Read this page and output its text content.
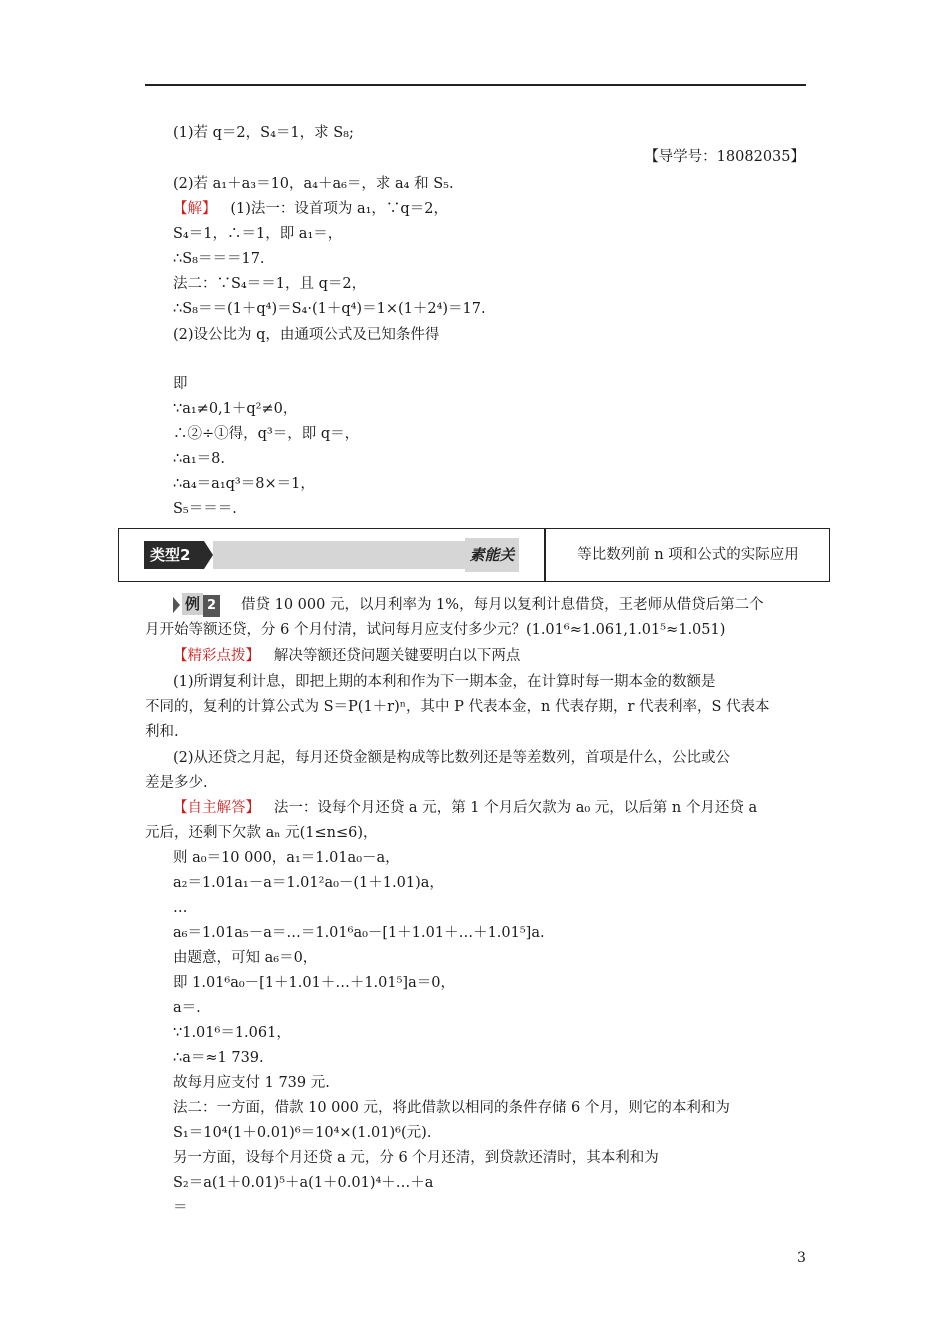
(1)若 q＝2，S₄＝1，求 S₈;
【导学号：18082035】
(2)若 a₁＋a₃＝10，a₄＋a₆＝，求 a₄ 和 S₅.
【解】 (1)法一：设首项为 a₁，∵q＝2，
S₄＝1，∴＝1，即 a₁＝，
∴S₈＝＝＝17.
法二：∵S₄＝＝1，且 q＝2，
∴S₈＝＝(1＋q⁴)＝S₄·(1＋q⁴)＝1×(1＋2⁴)＝17.
(2)设公比为 q，由通项公式及已知条件得
即
∵a₁≠0,1＋q²≠0，
∴②÷①得，q³＝，即 q＝，
∴a₁＝8.
∴a₄＝a₁q³＝8×＝1，
S₅＝＝＝.
类型2	素能关	等比数列前 n 项和公式的实际应用
例 2 借贷 10 000 元，以月利率为 1%，每月以复利计息借贷，王老师从借贷后第二个
月开始等额还贷，分 6 个月付清，试问每月应支付多少元？(1.01⁶≈1.061,1.01⁵≈1.051)
【精彩点拨】 解决等额还贷问题关键要明白以下两点
(1)所谓复利计息，即把上期的本利和作为下一期本金，在计算时每一期本金的数额是
不同的，复利的计算公式为 S＝P(1＋r)ⁿ，其中 P 代表本金，n 代表存期，r 代表利率，S 代表本
利和.
(2)从还贷之月起，每月还贷金额是构成等比数列还是等差数列，首项是什么，公比或公
差是多少.
【自主解答】 法一：设每个月还贷 a 元，第 1 个月后欠款为 a₀ 元，以后第 n 个月还贷 a
元后，还剩下欠款 aₙ 元(1≤n≤6)，
则 a₀＝10 000，a₁＝1.01a₀－a，
a₂＝1.01a₁－a＝1.01²a₀－(1＋1.01)a，
…
a₆＝1.01a₅－a＝…＝1.01⁶a₀－[1＋1.01＋…＋1.01⁵]a.
由题意，可知 a₆＝0，
即 1.01⁶a₀－[1＋1.01＋…＋1.01⁵]a＝0，
a＝.
∵1.01⁶＝1.061，
∴a＝≈1 739.
故每月应支付 1 739 元.
法二：一方面，借款 10 000 元，将此借款以相同的条件存储 6 个月，则它的本利和为
S₁＝10⁴(1＋0.01)⁶＝10⁴×(1.01)⁶(元).
另一方面，设每个月还贷 a 元，分 6 个月还清，到贷款还清时，其本利和为
S₂＝a(1＋0.01)⁵＋a(1＋0.01)⁴＋…＋a
＝
3
